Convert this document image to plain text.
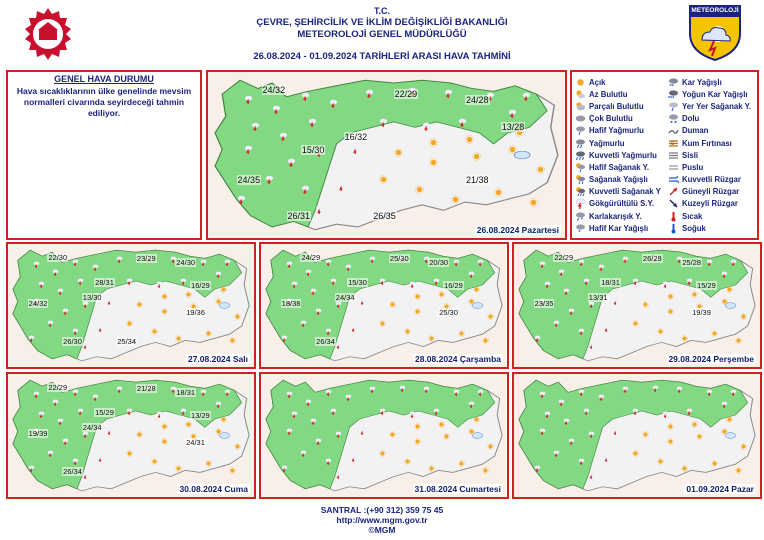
METEOROLOJİ
T.C.
ÇEVRE, ŞEHİRCİLİK VE İKLİM DEĞİŞİKLİĞİ BAKANLIĞI
METEOROLOJİ GENEL MÜDÜRLÜĞÜ
26.08.2024 - 01.09.2024 TARİHLERİ ARASI HAVA TAHMİNİ
GENEL HAVA DURUMU
Hava sıcaklıklarının ülke genelinde mevsim normalleri civarında seyirdeceği tahmin ediliyor.
Açık
Az Bulutlu
Parçalı Bulutlu
Çok Bulutlu
Hafif Yağmurlu
Yağmurlu
Kuvvetli Yağmurlu
Hafif Sağanak Y.
Sağanak Yağışlı
Kuvvetli Sağanak Y
Gökgürültülü S.Y.
* Karlakarışık Y.
* Hafif Kar Yağışlı
** Kar Yağışlı
*** Yoğun Kar Yağışlı
Yer Yer Sağanak Y.
Dolu
Duman
S Kum Fırtınası
Sisli
Puslu
Kuvvetli Rüzgar
Güneyli Rüzgar
Kuzeyli Rüzgar
Sıcak
Soğuk
24/32	22/29
24/28
16/32
13/28
15/30
24/35	21/38
26/31	26/35
26.08.2024 Pazartesi
22/30	23/29	24/30
28/31	16/29
13/30
24/32
19/36
26/30	25/34
27.08.2024 Salı
24/29	25/30	20/30
15/30	16/29
24/34
18/38
25/30
26/34
28.08.2024 Çarşamba
22/29	26/29	25/28
18/31	15/29
13/31
23/35
19/39
29.08.2024 Perşembe
22/29	21/28	18/31
15/29	13/29
24/34
19/39
24/31
26/34
30.08.2024 Cuma	31.08.2024 Cumartesi	01.09.2024 Pazar
SANTRAL :(+90 312) 359 75 45
http://www.mgm.gov.tr
©MGM
